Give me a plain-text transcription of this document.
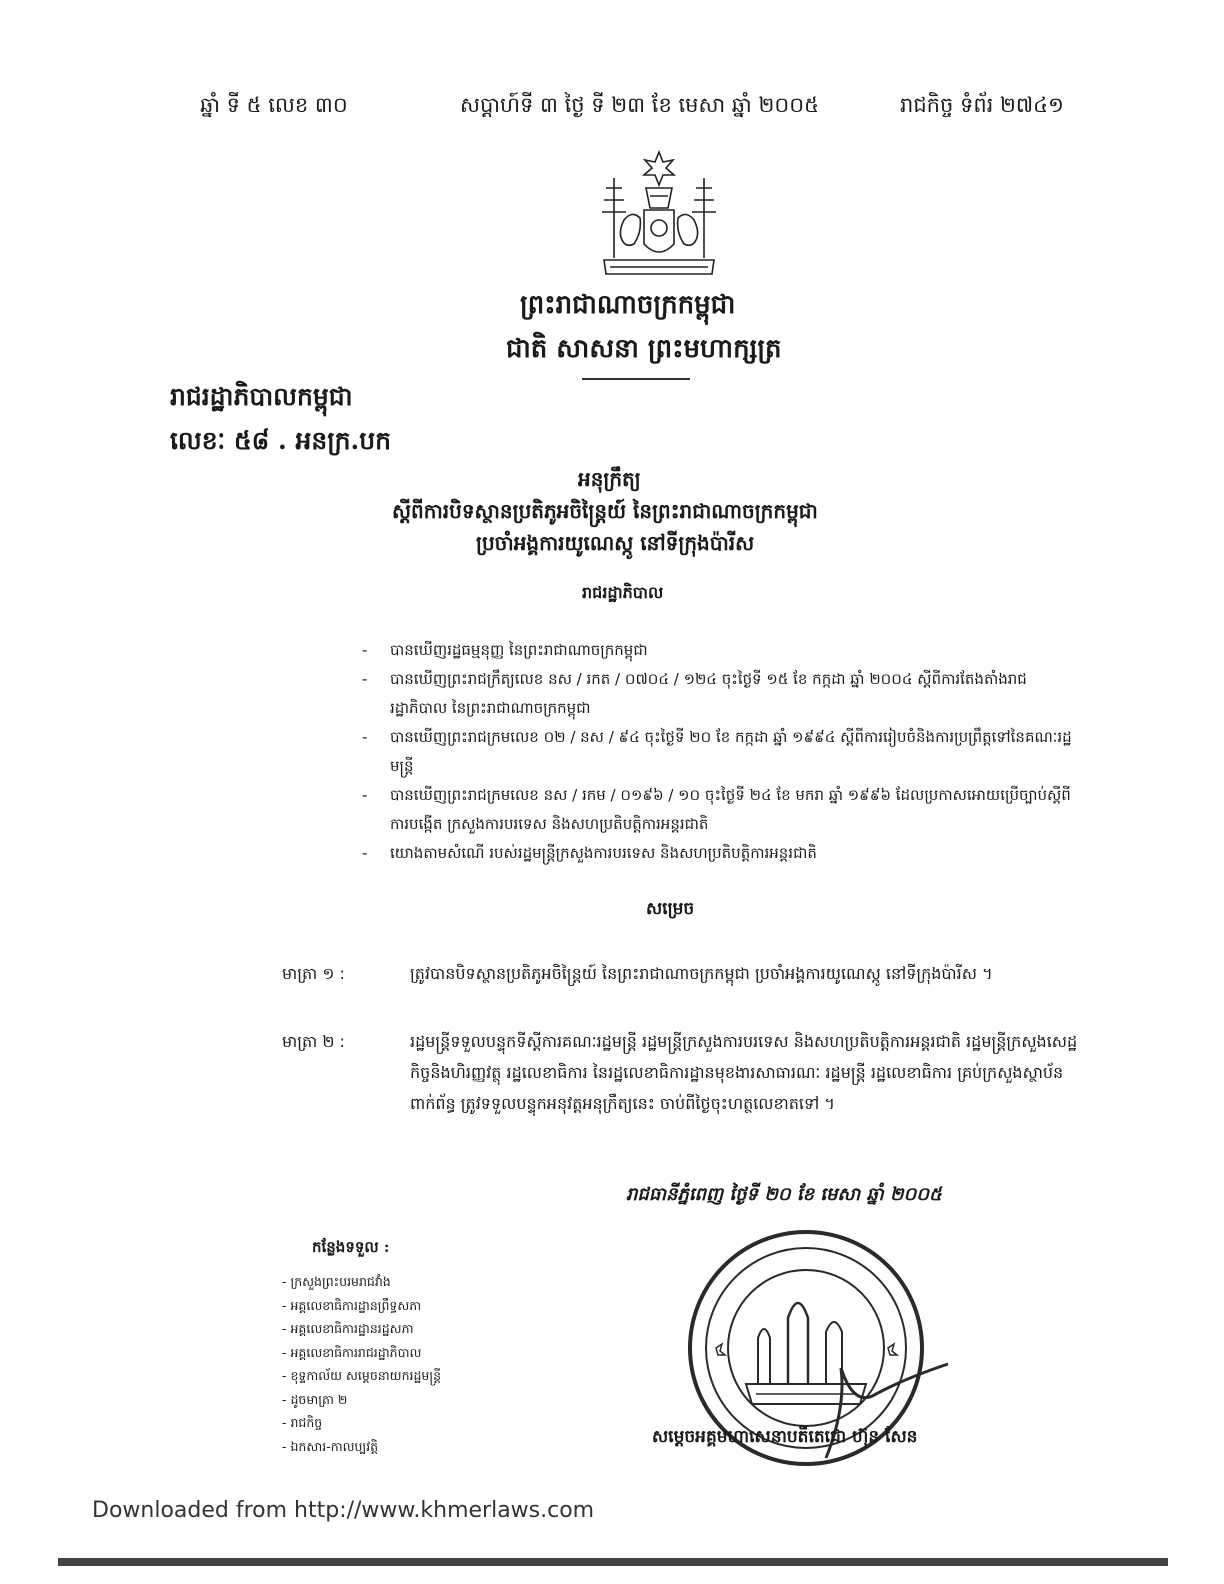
ឆ្នាំ ទី ៥ លេខ ៣០	សប្តាហ៍ទី ៣ ថ្ងៃ ទី ២៣ ខែ មេសា ឆ្នាំ ២០០៥	រាជកិច្ច ទំព័រ ២៧៤១
ព្រះរាជាណាចក្រកម្ពុជា
ជាតិ សាសនា ព្រះមហាក្សត្រ
រាជរដ្ឋាភិបាលកម្ពុជា
លេខៈ ៥៨ . អនក្រ.បក
អនុក្រឹត្យ
ស្តីពីការបិទស្ថានប្រតិភូអចិន្ត្រៃយ៍ នៃព្រះរាជាណាចក្រកម្ពុជា
ប្រចាំអង្គការយូណេស្កូ នៅទីក្រុងប៉ារីស
រាជរដ្ឋាភិបាល
- បានឃើញរដ្ឋធម្មនុញ្ញ នៃព្រះរាជាណាចក្រកម្ពុជា
- បានឃើញព្រះរាជក្រឹត្យលេខ នស / រកត / ០៧០៤ / ១២៤ ចុះថ្ងៃទី ១៥ ខែ កក្កដា ឆ្នាំ ២០០៤ ស្តីពីការតែងតាំងរាជរដ្ឋាភិបាល នៃព្រះរាជាណាចក្រកម្ពុជា
- បានឃើញព្រះរាជក្រមលេខ ០២ / នស / ៩៤ ចុះថ្ងៃទី ២០ ខែ កក្កដា ឆ្នាំ ១៩៩៤ ស្តីពីការរៀបចំនិងការប្រព្រឹត្តទៅនៃគណៈរដ្ឋមន្ត្រី
- បានឃើញព្រះរាជក្រមលេខ នស / រកម / ០១៩៦ / ១០ ចុះថ្ងៃទី ២៤ ខែ មករា ឆ្នាំ ១៩៩៦ ដែលប្រកាសអោយប្រើច្បាប់ស្តីពីការបង្កើត ក្រសួងការបរទេស និងសហប្រតិបត្តិការអន្តរជាតិ
- យោងតាមសំណើ របស់រដ្ឋមន្ត្រីក្រសួងការបរទេស និងសហប្រតិបត្តិការអន្តរជាតិ
សម្រេច
មាត្រា ១ :	ត្រូវបានបិទស្ថានប្រតិភូអចិន្ត្រៃយ៍ នៃព្រះរាជាណាចក្រកម្ពុជា ប្រចាំអង្គការយូណេស្កូ នៅទីក្រុងប៉ារីស ។
មាត្រា ២ :	រដ្ឋមន្ត្រីទទួលបន្ទុកទីស្តីការគណៈរដ្ឋមន្ត្រី រដ្ឋមន្ត្រីក្រសួងការបរទេស និងសហប្រតិបត្តិការអន្តរជាតិ រដ្ឋមន្ត្រីក្រសួងសេដ្ឋកិច្ចនិងហិរញ្ញវត្ថុ រដ្ឋលេខាធិការ នៃរដ្ឋលេខាធិការដ្ឋានមុខងារសាធារណៈ រដ្ឋមន្ត្រី រដ្ឋលេខាធិការ គ្រប់ក្រសួងស្ថាប័នពាក់ព័ន្ធ ត្រូវទទួលបន្ទុកអនុវត្តអនុក្រឹត្យនេះ ចាប់ពីថ្ងៃចុះហត្ថលេខាតទៅ ។
រាជធានីភ្នំពេញ ថ្ងៃទី ២០ ខែ មេសា ឆ្នាំ ២០០៥
កន្លែងទទួល :
- ក្រសួងព្រះបរមរាជវាំង
- អគ្គលេខាធិការដ្ឋានព្រឹទ្ធសភា
- អគ្គលេខាធិការដ្ឋានរដ្ឋសភា
- អគ្គលេខាធិការរាជរដ្ឋាភិបាល
- ខុទ្ទកាល័យ សម្តេចនាយករដ្ឋមន្ត្រី
- ដូចមាត្រា ២
- រាជកិច្ច
- ឯកសារ-កាលប្បវត្តិ	សម្តេចអគ្គមហាសេនាបតីតេជោ ហ៊ុន សែន
Downloaded from http://www.khmerlaws.com
